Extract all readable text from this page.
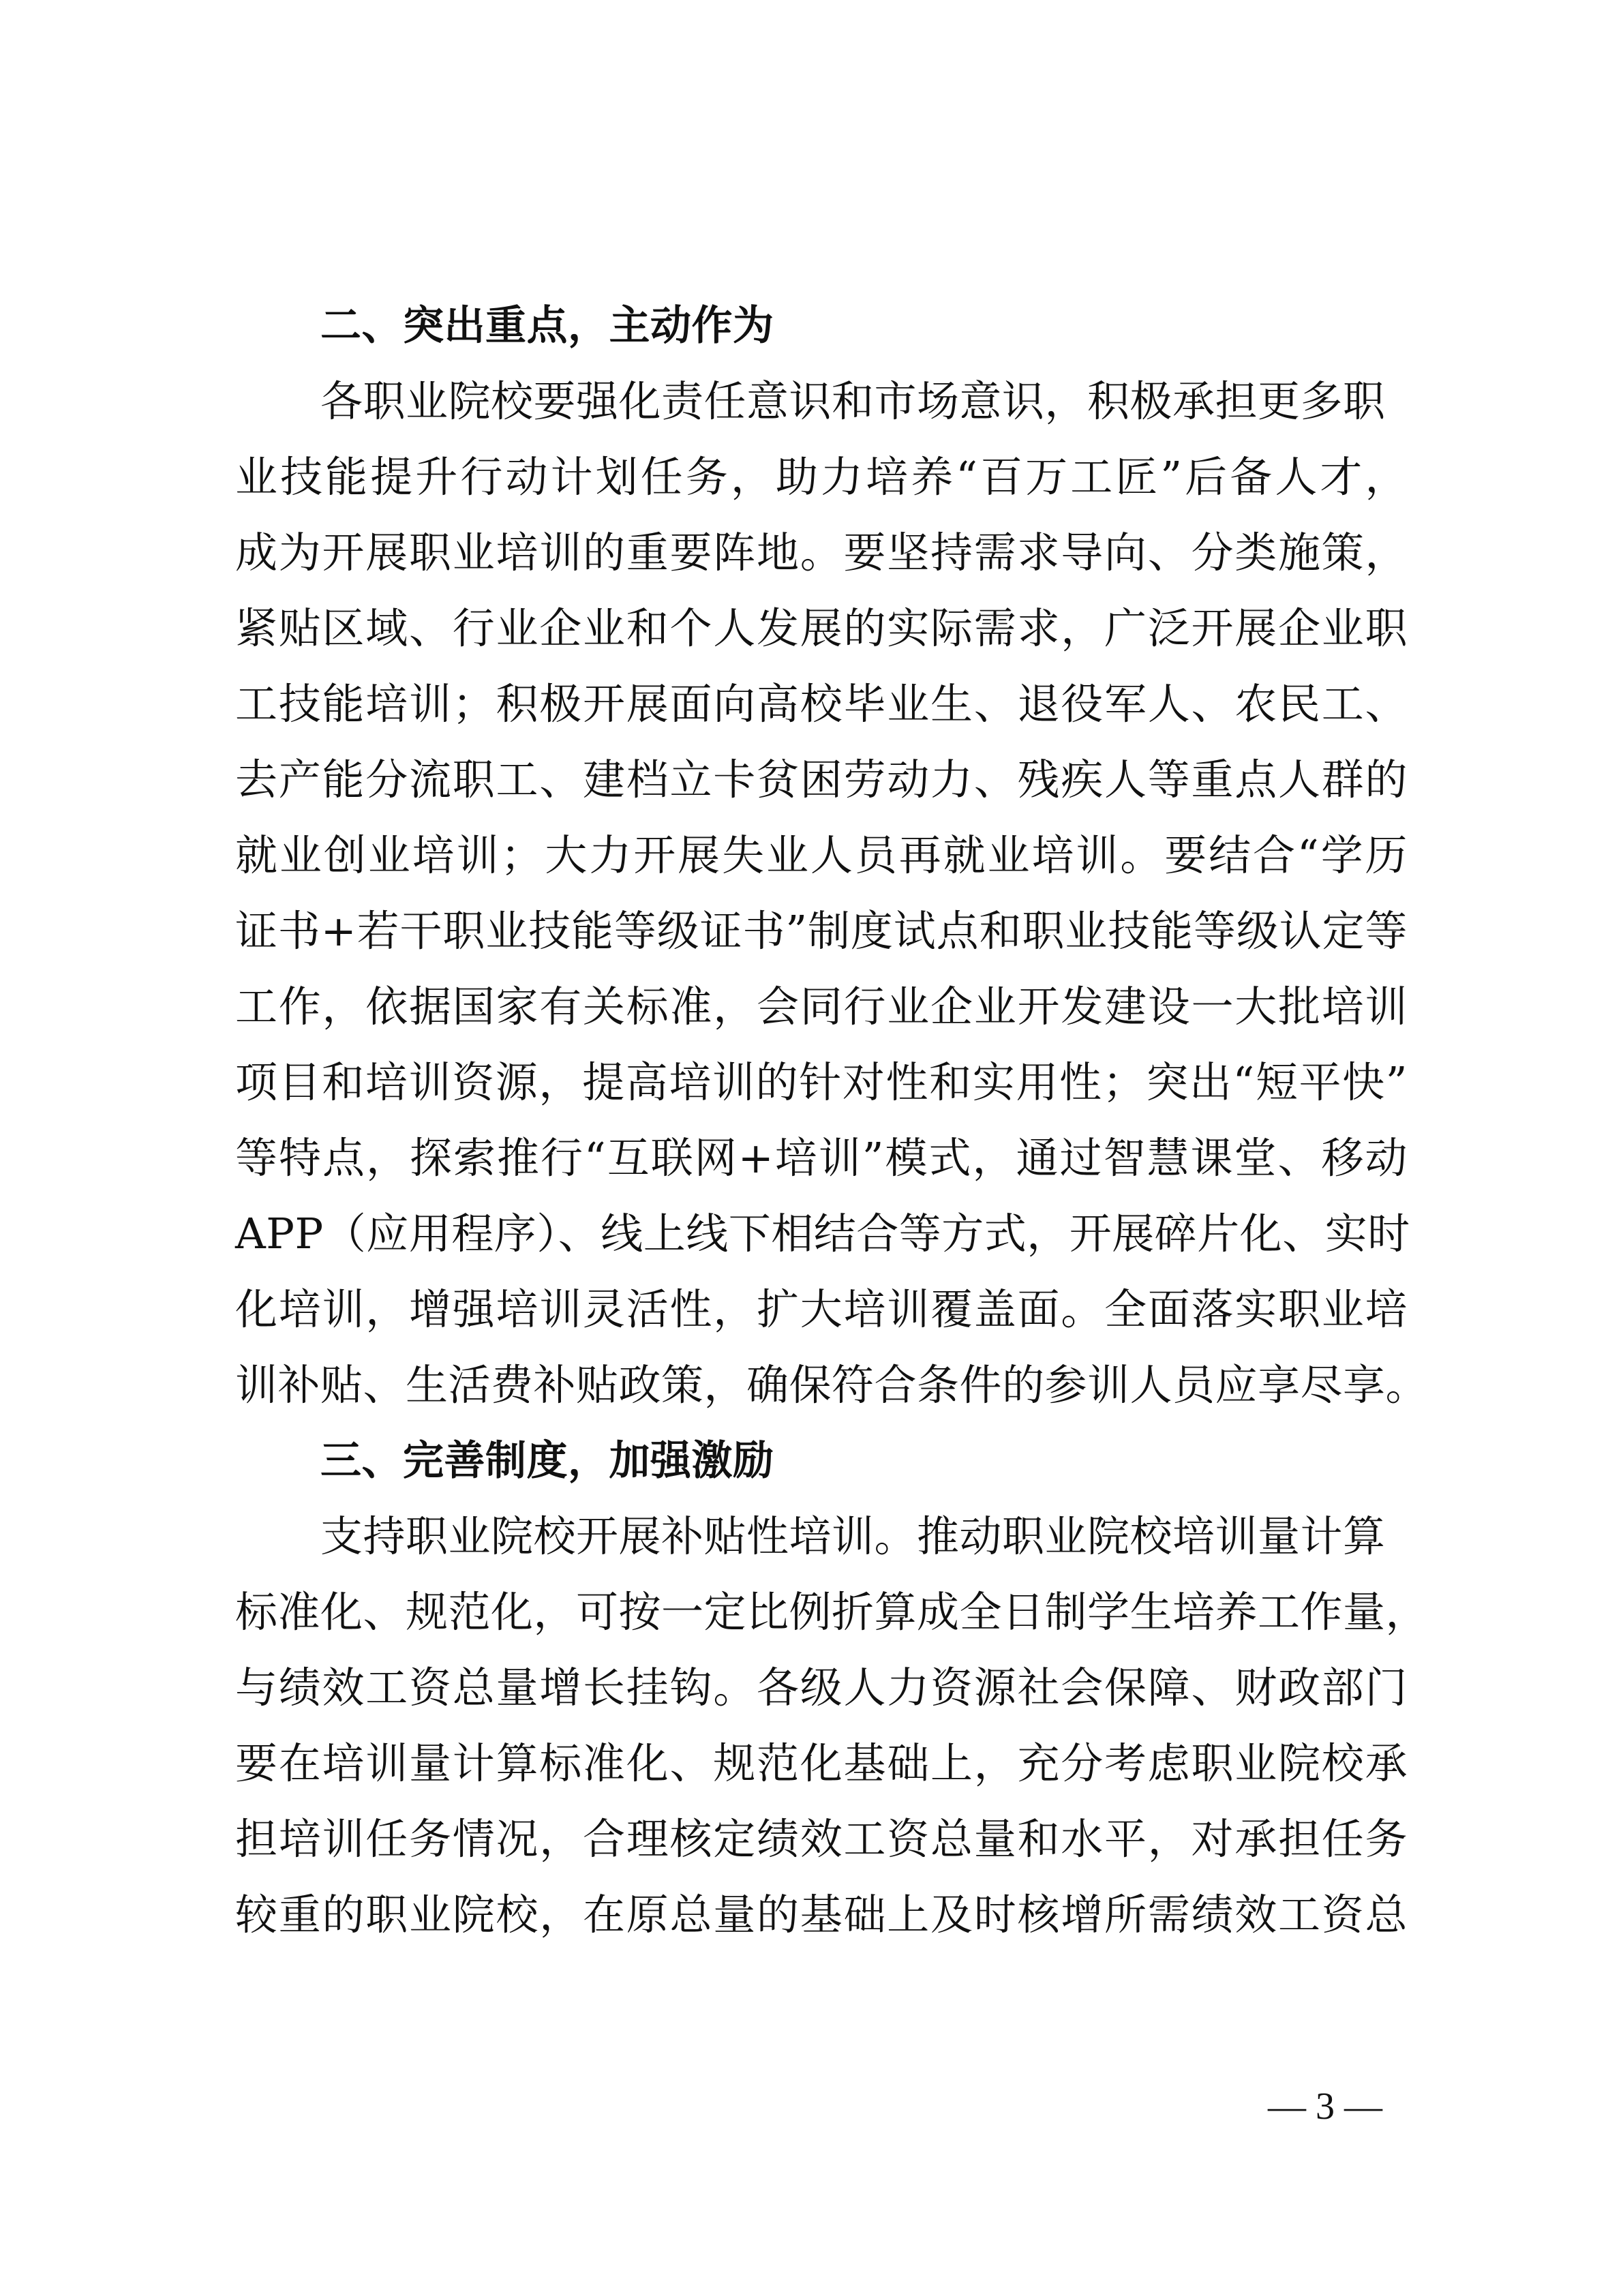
二、突出重点，主动作为
各职业院校要强化责任意识和市场意识，积极承担更多职
业技能提升行动计划任务，助力培养“百万工匠”后备人才，
成为开展职业培训的重要阵地。要坚持需求导向、分类施策，
紧贴区域、行业企业和个人发展的实际需求，广泛开展企业职
工技能培训；积极开展面向高校毕业生、退役军人、农民工、
去产能分流职工、建档立卡贫困劳动力、残疾人等重点人群的
就业创业培训；大力开展失业人员再就业培训。要结合“学历
证书+若干职业技能等级证书”制度试点和职业技能等级认定等
工作，依据国家有关标准，会同行业企业开发建设一大批培训
项目和培训资源，提高培训的针对性和实用性；突出“短平快”
等特点，探索推行“互联网+培训”模式，通过智慧课堂、移动
APP（应用程序）、线上线下相结合等方式，开展碎片化、实时
化培训，增强培训灵活性，扩大培训覆盖面。全面落实职业培
训补贴、生活费补贴政策，确保符合条件的参训人员应享尽享。
三、完善制度，加强激励
支持职业院校开展补贴性培训。推动职业院校培训量计算
标准化、规范化，可按一定比例折算成全日制学生培养工作量，
与绩效工资总量增长挂钩。各级人力资源社会保障、财政部门
要在培训量计算标准化、规范化基础上，充分考虑职业院校承
担培训任务情况，合理核定绩效工资总量和水平，对承担任务
较重的职业院校，在原总量的基础上及时核增所需绩效工资总
— 3 —
